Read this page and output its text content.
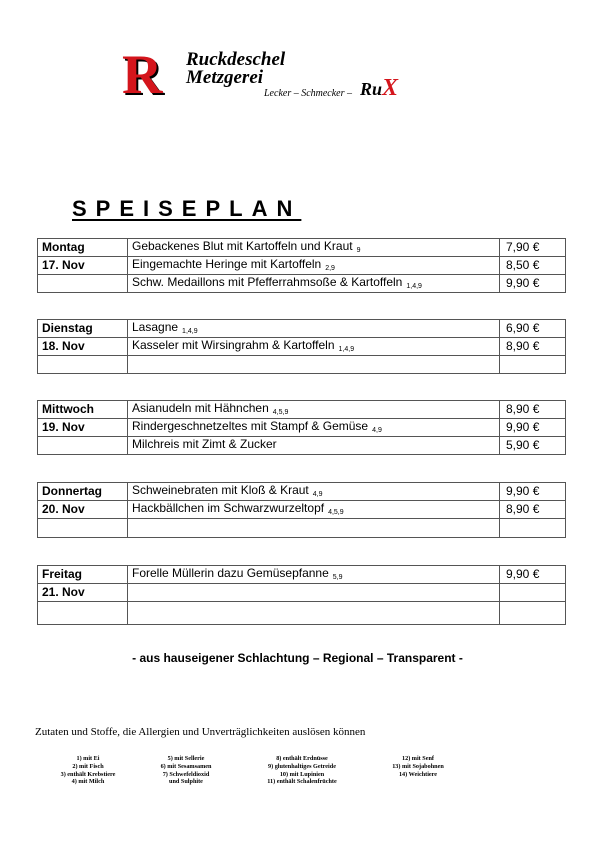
R Ruckdeschel
Metzgerei
Lecker – Schmecker – RuX
SPEISEPLAN
Montag	Gebackenes Blut mit Kartoffeln und Kraut $_9$	7,90 €
17. Nov	Eingemachte Heringe mit Kartoffeln $_{2,9}$	8,50 €
	Schw. Medaillons mit Pfefferrahmsoße & Kartoffeln $_{1,4,9}$	9,90 €
Dienstag	Lasagne $_{1,4,9}$	6,90 €
18. Nov	Kasseler mit Wirsingrahm & Kartoffeln $_{1,4,9}$	8,90 €

Mittwoch	Asianudeln mit Hähnchen $_{4,5,9}$	8,90 €
19. Nov	Rindergeschnetzeltes mit Stampf & Gemüse $_{4,9}$	9,90 €
	Milchreis mit Zimt & Zucker	5,90 €
Donnertag	Schweinebraten mit Kloß & Kraut $_{4,9}$	9,90 €
20. Nov	Hackbällchen im Schwarzwurzeltopf $_{4,5,9}$	8,90 €

Freitag	Forelle Müllerin dazu Gemüsepfanne $_{5,9}$	9,90 €
21. Nov		

- aus hauseigener Schlachtung – Regional – Transparent -
Zutaten und Stoffe, die Allergien und Unverträglichkeiten auslösen können
1) mit Ei
2) mit Fisch
3) enthält Krebstiere
4) mit Milch
5) mit Sellerie
6) mit Sesamsamen
7) Schwefeldioxid
und Sulphite
8) enthält Erdnüsse
9) glutenhaltiges Getreide
10) mit Lupinien
11) enthält Schalenfrüchte
12) mit Senf
13) mit Sojabohnen
14) Weichtiere
